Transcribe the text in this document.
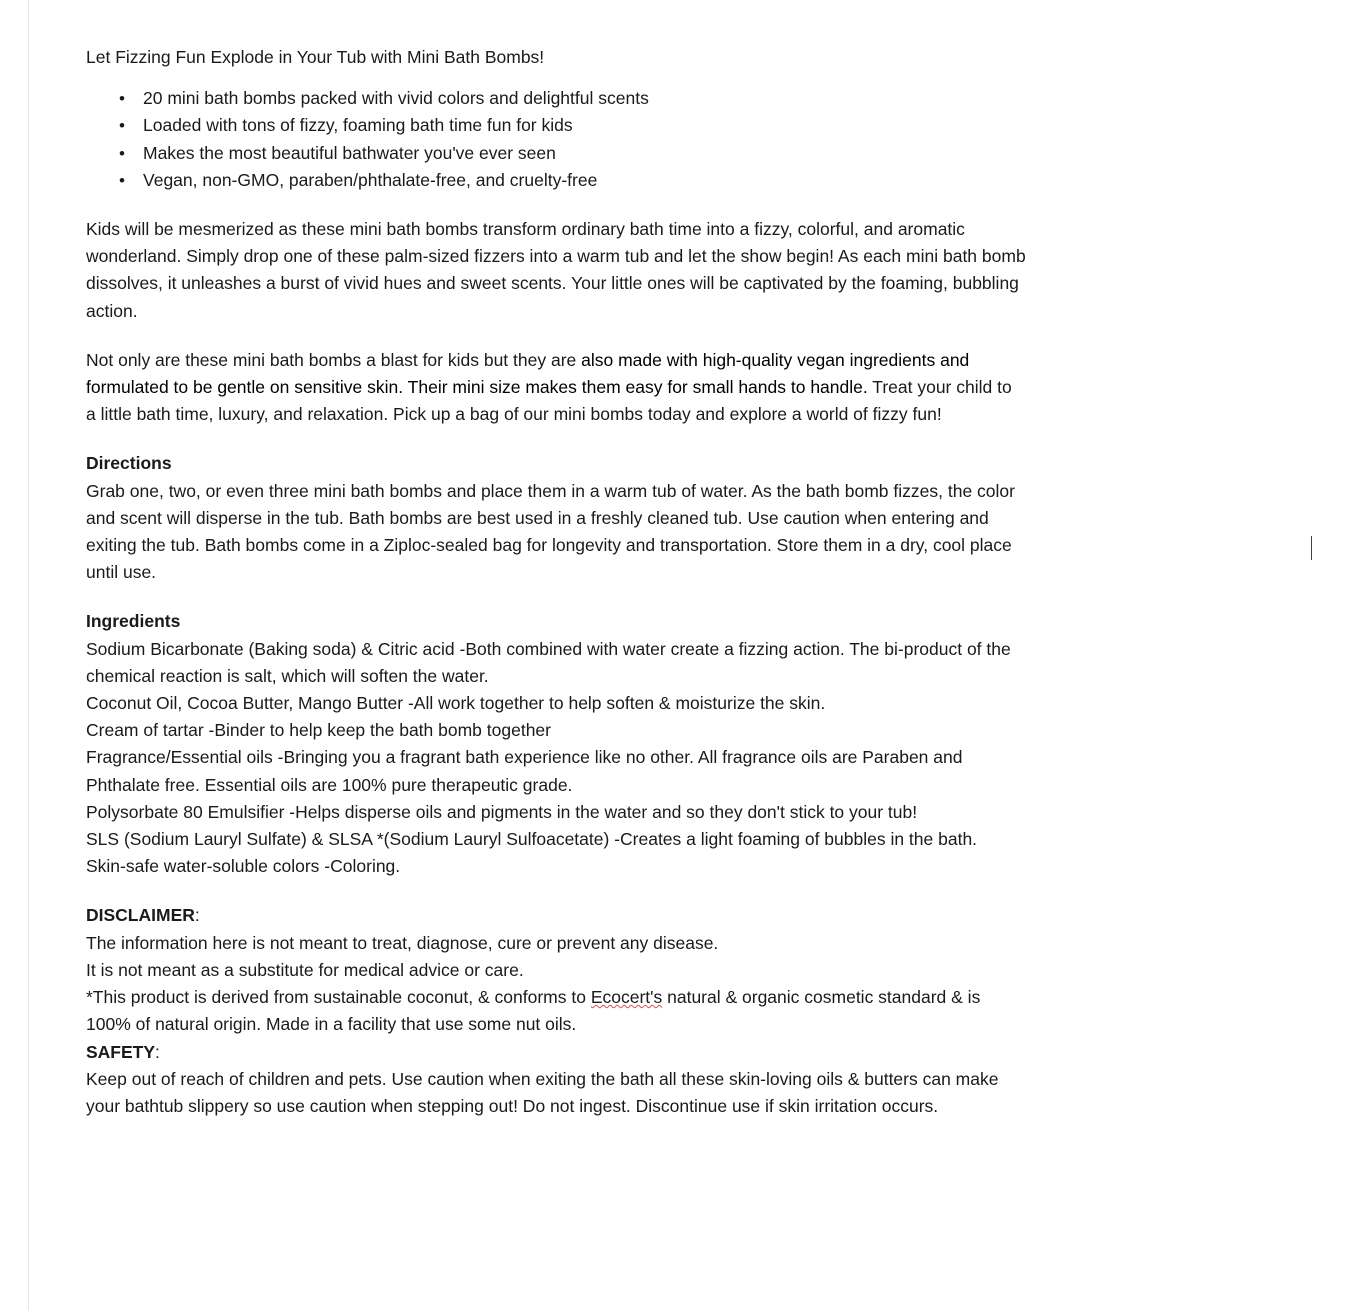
Let Fizzing Fun Explode in Your Tub with Mini Bath Bombs!

• 20 mini bath bombs packed with vivid colors and delightful scents
• Loaded with tons of fizzy, foaming bath time fun for kids
• Makes the most beautiful bathwater you've ever seen
• Vegan, non-GMO, paraben/phthalate-free, and cruelty-free

Kids will be mesmerized as these mini bath bombs transform ordinary bath time into a fizzy, colorful, and aromatic wonderland. Simply drop one of these palm-sized fizzers into a warm tub and let the show begin! As each mini bath bomb dissolves, it unleashes a burst of vivid hues and sweet scents. Your little ones will be captivated by the foaming, bubbling action.

Not only are these mini bath bombs a blast for kids but they are also made with high-quality vegan ingredients and formulated to be gentle on sensitive skin. Their mini size makes them easy for small hands to handle. Treat your child to a little bath time, luxury, and relaxation. Pick up a bag of our mini bombs today and explore a world of fizzy fun!

Directions
Grab one, two, or even three mini bath bombs and place them in a warm tub of water. As the bath bomb fizzes, the color and scent will disperse in the tub. Bath bombs are best used in a freshly cleaned tub. Use caution when entering and exiting the tub. Bath bombs come in a Ziploc-sealed bag for longevity and transportation. Store them in a dry, cool place until use.
Ingredients
Sodium Bicarbonate (Baking soda) & Citric acid -Both combined with water create a fizzing action. The bi-product of the chemical reaction is salt, which will soften the water.
Coconut Oil, Cocoa Butter, Mango Butter -All work together to help soften & moisturize the skin.
Cream of tartar -Binder to help keep the bath bomb together
Fragrance/Essential oils -Bringing you a fragrant bath experience like no other. All fragrance oils are Paraben and Phthalate free. Essential oils are 100% pure therapeutic grade.
Polysorbate 80 Emulsifier -Helps disperse oils and pigments in the water and so they don't stick to your tub!
SLS (Sodium Lauryl Sulfate) & SLSA *(Sodium Lauryl Sulfoacetate) -Creates a light foaming of bubbles in the bath.
Skin-safe water-soluble colors -Coloring.
DISCLAIMER:
The information here is not meant to treat, diagnose, cure or prevent any disease.
It is not meant as a substitute for medical advice or care.
*This product is derived from sustainable coconut, & conforms to Ecocert's natural & organic cosmetic standard & is 100% of natural origin. Made in a facility that use some nut oils.
SAFETY:
Keep out of reach of children and pets. Use caution when exiting the bath all these skin-loving oils & butters can make your bathtub slippery so use caution when stepping out! Do not ingest. Discontinue use if skin irritation occurs.
